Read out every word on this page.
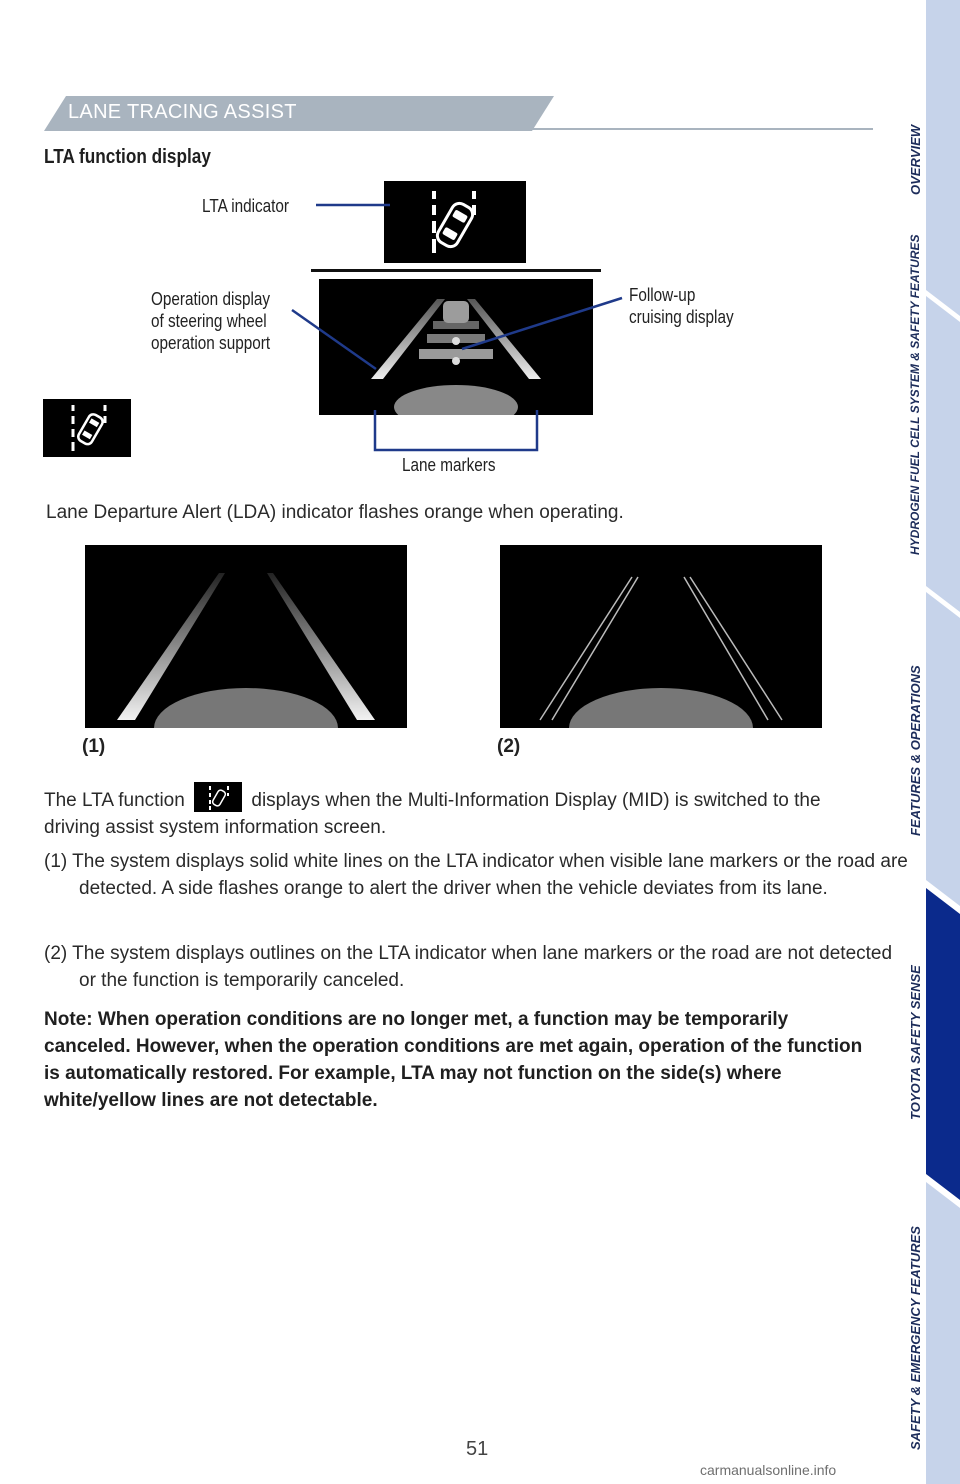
LANE TRACING ASSIST
LTA function display
LTA indicator
Operation display
of steering wheel
operation support
Follow-up
cruising display
Lane markers
Lane Departure Alert (LDA) indicator flashes orange when operating.
(1)	(2)
The LTA function	displays when the Multi-Information Display (MID) is switched to the driving assist system information screen.
(1) The system displays solid white lines on the LTA indicator when visible lane markers or the road are detected. A side flashes orange to alert the driver when the vehicle deviates from its lane.
(2) The system displays outlines on the LTA indicator when lane markers or the road are not detected or the function is temporarily canceled.
Note: When operation conditions are no longer met, a function may be temporarily canceled. However, when the operation conditions are met again, operation of the function is automatically restored. For example, LTA may not function on the side(s) where white/yellow lines are not detectable.
51
carmanualsonline.info
OVERVIEW
HYDROGEN FUEL CELL SYSTEM & SAFETY FEATURES
FEATURES & OPERATIONS
TOYOTA SAFETY SENSE
SAFETY & EMERGENCY FEATURES
